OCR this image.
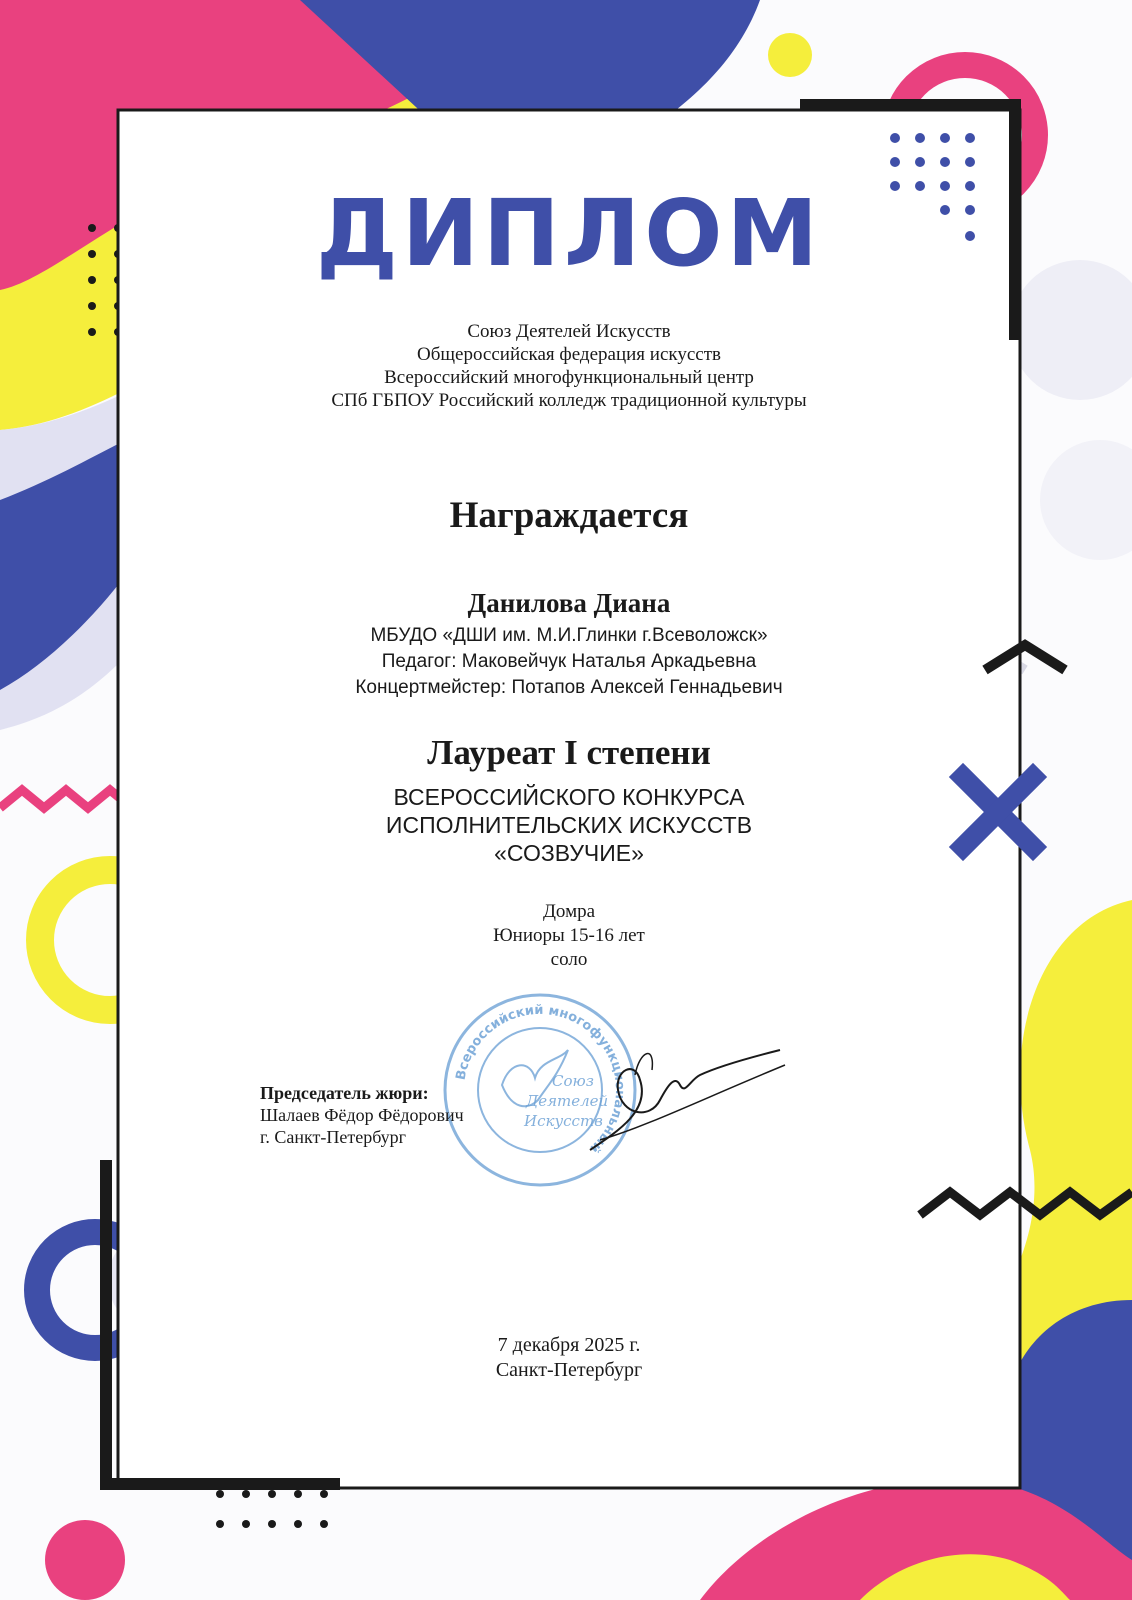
ДИПЛОМ
Союз Деятелей Искусств
Общероссийская федерация искусств
Всероссийский многофункциональный центр
СПб ГБПОУ Российский колледж традиционной культуры
Награждается
Данилова Диана
МБУДО «ДШИ им. М.И.Глинки г.Всеволожск»
Педагог: Маковейчук Наталья Аркадьевна
Концертмейстер: Потапов Алексей Геннадьевич
Лауреат I степени
ВСЕРОССИЙСКОГО КОНКУРСА
ИСПОЛНИТЕЛЬСКИХ ИСКУССТВ
«СОЗВУЧИЕ»
Домра
Юниоры 15-16 лет
соло
Всероссийский многофункциональный
Союз
Деятелей
Искусств
Председатель жюри:
Шалаев Фёдор Фёдорович
г. Санкт-Петербург
7 декабря 2025 г.
Санкт-Петербург
